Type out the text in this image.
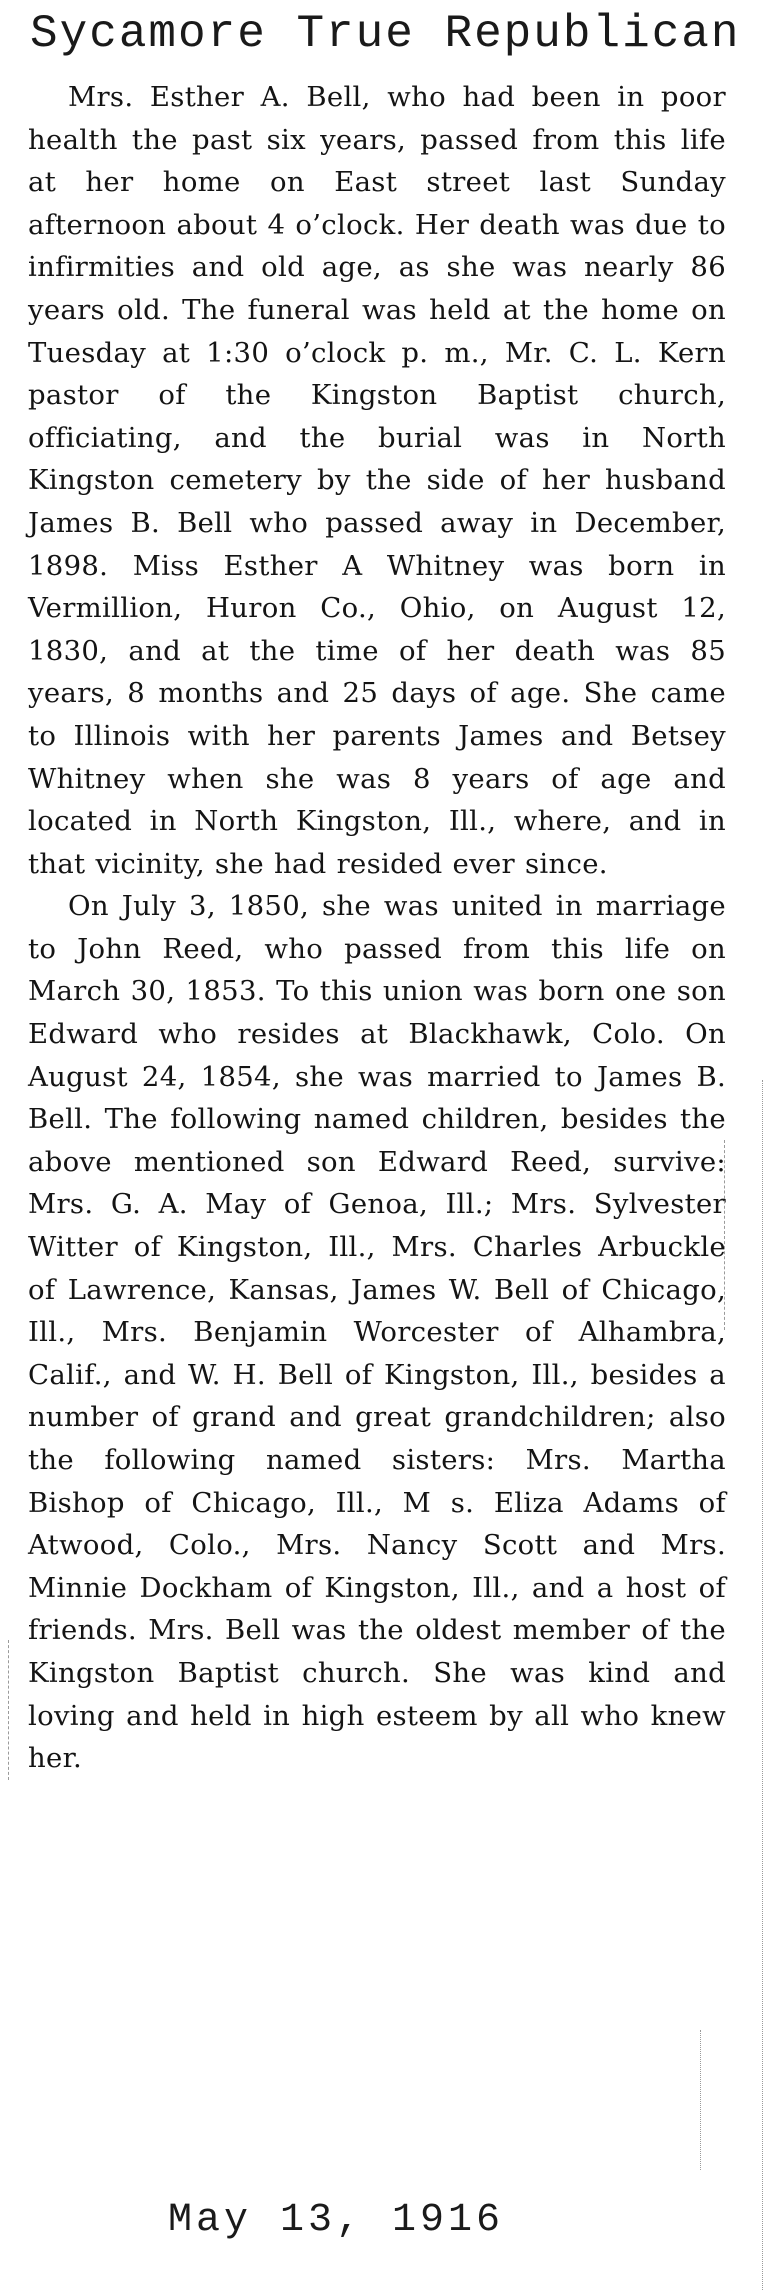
Sycamore True Republican

Mrs. Esther A. Bell, who had been in poor health the past six years, passed from this life at her home on East street last Sunday afternoon about 4 o’clock. Her death was due to infirmities and old age, as she was nearly 86 years old. The funeral was held at the home on Tuesday at 1:30 o’clock p. m., Mr. C. L. Kern pastor of the Kingston Baptist church, officiating, and the burial was in North Kingston cemetery by the side of her husband James B. Bell who passed away in December, 1898. Miss Esther A Whitney was born in Vermillion, Huron Co., Ohio, on August 12, 1830, and at the time of her death was 85 years, 8 months and 25 days of age. She came to Illinois with her parents James and Betsey Whitney when she was 8 years of age and located in North Kingston, Ill., where, and in that vicinity, she had resided ever since.

On July 3, 1850, she was united in marriage to John Reed, who passed from this life on March 30, 1853. To this union was born one son Edward who resides at Blackhawk, Colo. On August 24, 1854, she was married to James B. Bell. The following named children, besides the above mentioned son Edward Reed, survive: Mrs. G. A. May of Genoa, Ill.; Mrs. Sylvester Witter of Kingston, Ill., Mrs. Charles Arbuckle of Lawrence, Kansas, James W. Bell of Chicago, Ill., Mrs. Benjamin Worcester of Alhambra, Calif., and W. H. Bell of Kingston, Ill., besides a number of grand and great grandchildren; also the following named sisters: Mrs. Martha Bishop of Chicago, Ill., M s. Eliza Adams of Atwood, Colo., Mrs. Nancy Scott and Mrs. Minnie Dockham of Kingston, Ill., and a host of friends. Mrs. Bell was the oldest member of the Kingston Baptist church. She was kind and loving and held in high esteem by all who knew her.

May 13, 1916
